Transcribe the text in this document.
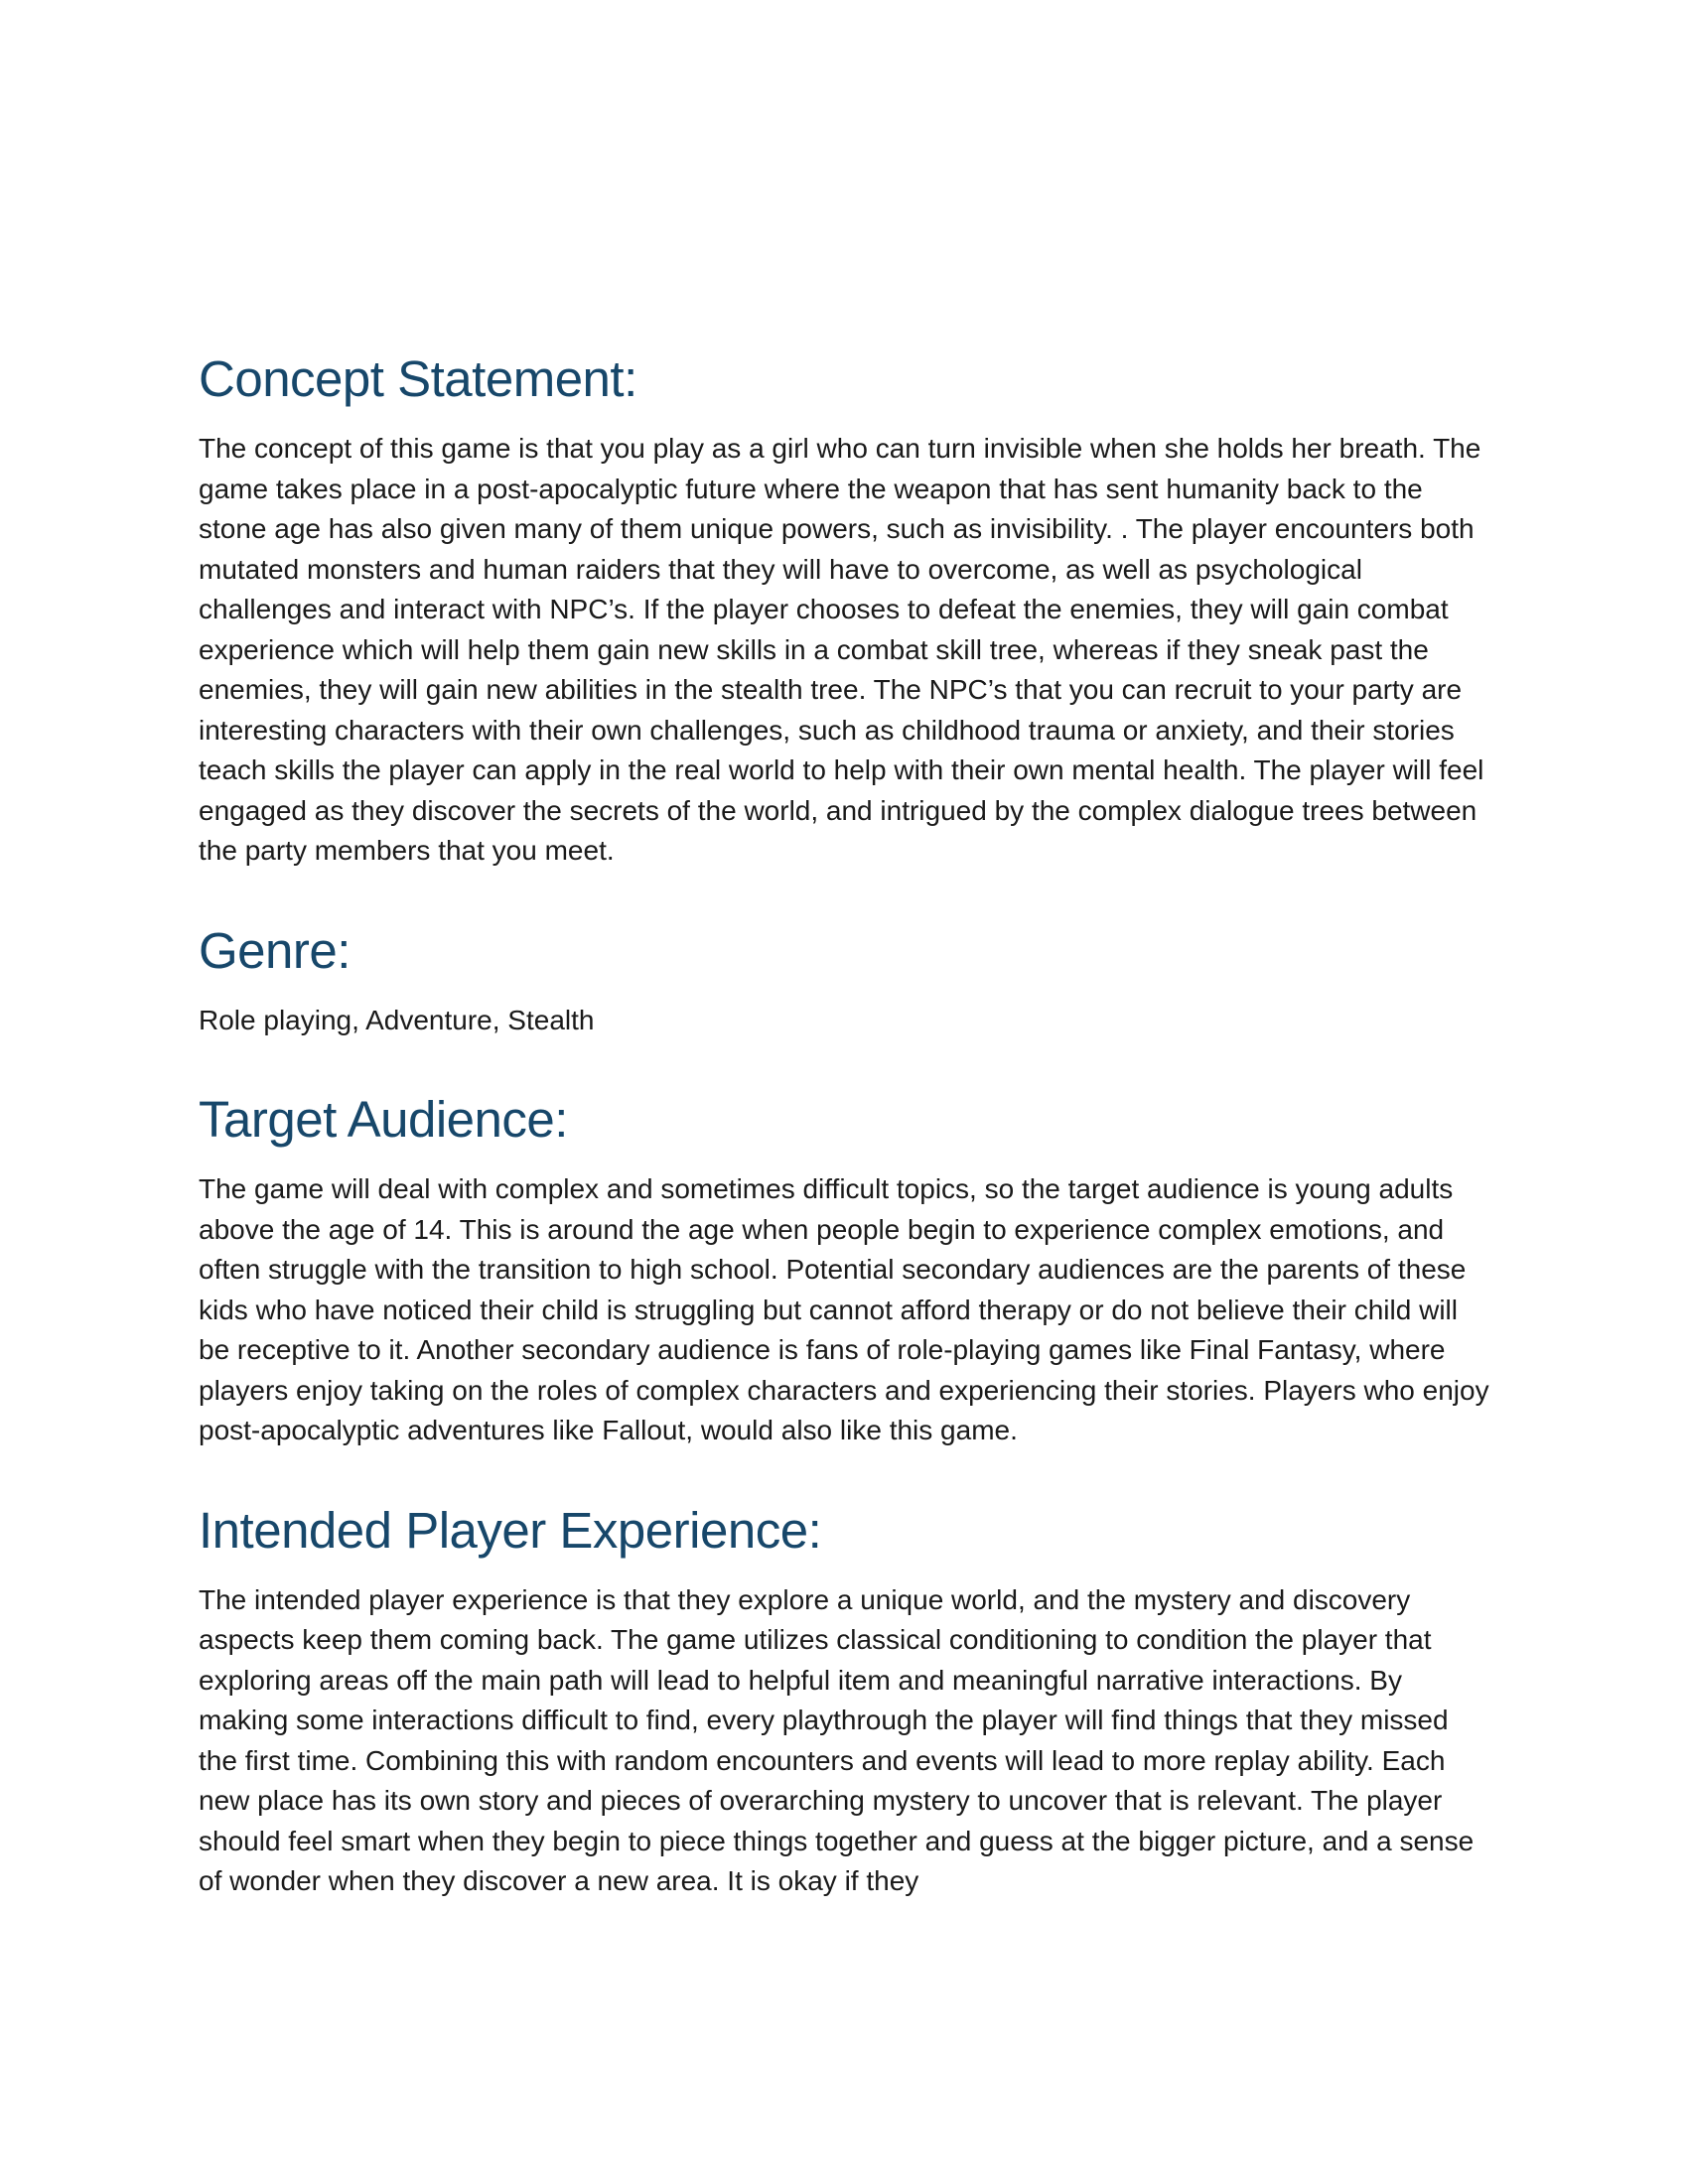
Concept Statement:

The concept of this game is that you play as a girl who can turn invisible when she holds her breath. The game takes place in a post-apocalyptic future where the weapon that has sent humanity back to the stone age has also given many of them unique powers, such as invisibility. . The player encounters both mutated monsters and human raiders that they will have to overcome, as well as psychological challenges and interact with NPC’s. If the player chooses to defeat the enemies, they will gain combat experience which will help them gain new skills in a combat skill tree, whereas if they sneak past the enemies, they will gain new abilities in the stealth tree. The NPC’s that you can recruit to your party are interesting characters with their own challenges, such as childhood trauma or anxiety, and their stories teach skills the player can apply in the real world to help with their own mental health. The player will feel engaged as they discover the secrets of the world, and intrigued by the complex dialogue trees between the party members that you meet.

Genre:

Role playing, Adventure, Stealth

Target Audience:

The game will deal with complex and sometimes difficult topics, so the target audience is young adults above the age of 14. This is around the age when people begin to experience complex emotions, and often struggle with the transition to high school. Potential secondary audiences are the parents of these kids who have noticed their child is struggling but cannot afford therapy or do not believe their child will be receptive to it. Another secondary audience is fans of role-playing games like Final Fantasy, where players enjoy taking on the roles of complex characters and experiencing their stories. Players who enjoy post-apocalyptic adventures like Fallout, would also like this game.

Intended Player Experience:

The intended player experience is that they explore a unique world, and the mystery and discovery aspects keep them coming back. The game utilizes classical conditioning to condition the player that exploring areas off the main path will lead to helpful item and meaningful narrative interactions. By making some interactions difficult to find, every playthrough the player will find things that they missed the first time. Combining this with random encounters and events will lead to more replay ability. Each new place has its own story and pieces of overarching mystery to uncover that is relevant. The player should feel smart when they begin to piece things together and guess at the bigger picture, and a sense of wonder when they discover a new area. It is okay if they
